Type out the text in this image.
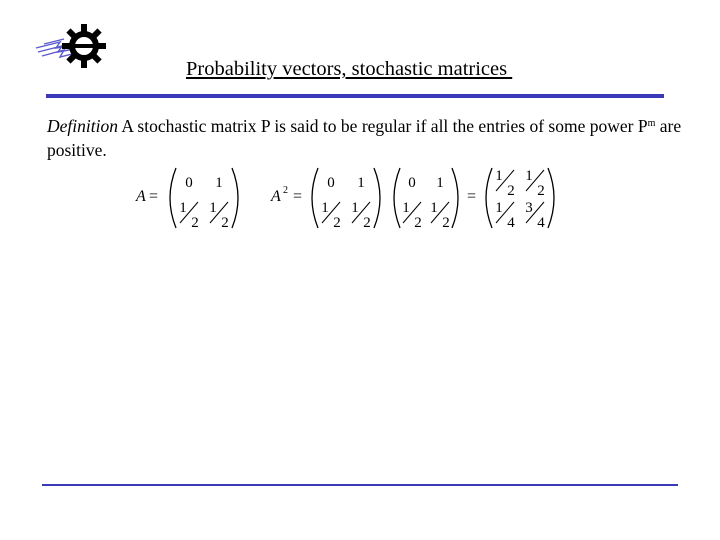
Probability vectors, stochastic matrices
Definition A stochastic matrix P is said to be regular if all the entries of some power $P^m$ are positive.
A =	A 2 =	=
0 1
1
2
1
2
0 1
1
2
1
2
0 1
1
2
1
2
1
2
1
2
1
4
3
4
